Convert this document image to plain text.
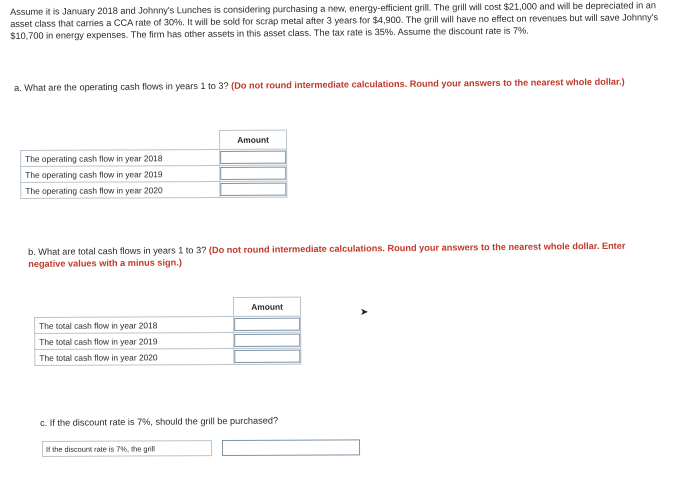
Assume it is January 2018 and Johnny's Lunches is considering purchasing a new, energy-efficient grill. The grill will cost $21,000 and will be depreciated in an asset class that carries a CCA rate of 30%. It will be sold for scrap metal after 3 years for $4,900. The grill will have no effect on revenues but will save Johnny's $10,700 in energy expenses. The firm has other assets in this asset class. The tax rate is 35%. Assume the discount rate is 7%.
a. What are the operating cash flows in years 1 to 3? (Do not round intermediate calculations. Round your answers to the nearest whole dollar.)
	Amount
The operating cash flow in year 2018	

The operating cash flow in year 2019	

The operating cash flow in year 2020	
b. What are total cash flows in years 1 to 3? (Do not round intermediate calculations. Round your answers to the nearest whole dollar. Enter negative values with a minus sign.)
	Amount
The total cash flow in year 2018	

The total cash flow in year 2019	

The total cash flow in year 2020	
➤
c. If the discount rate is 7%, should the grill be purchased?
If the discount rate is 7%, the grill
